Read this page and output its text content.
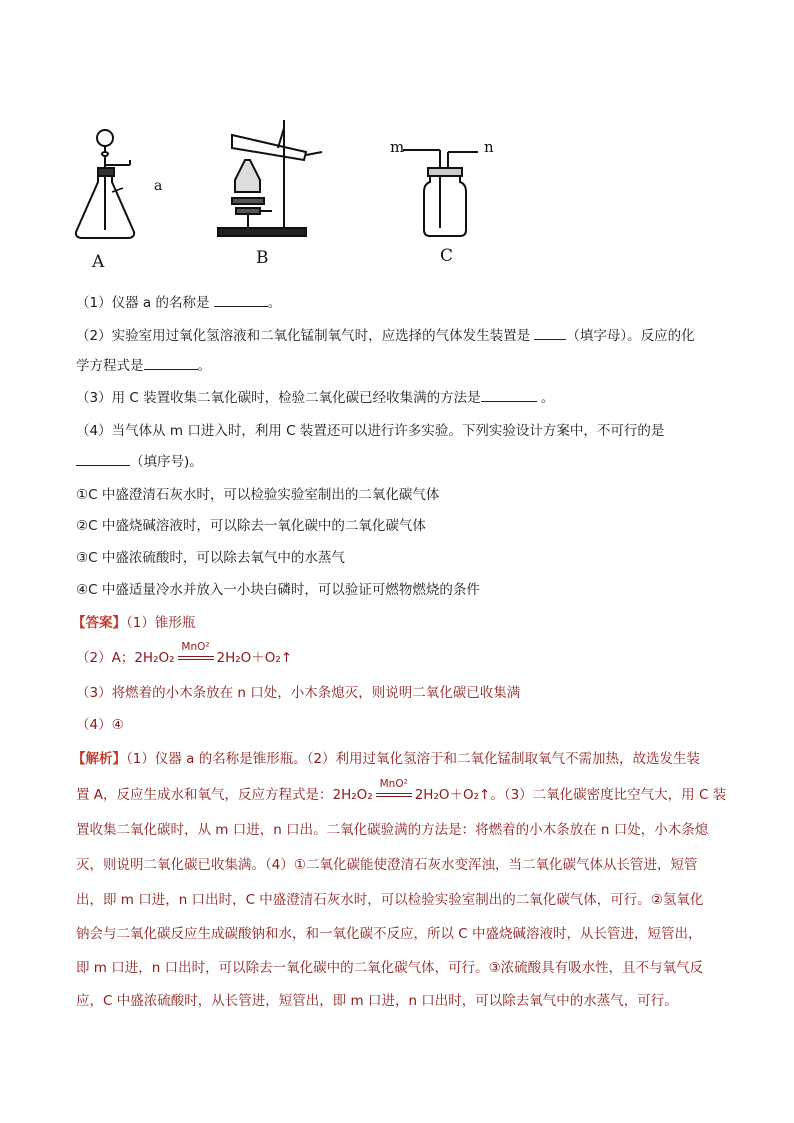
a
A	B	C
m	n
（1）仪器 a 的名称是	。
（2）实验室用过氧化氢溶液和二氧化锰制氧气时，应选择的气体发生装置是 （填字母）。反应的化
学方程式是	。
（3）用 C 装置收集二氧化碳时，检验二氧化碳已经收集满的方法是	。
（4）当气体从 m 口进入时，利用 C 装置还可以进行许多实验。下列实验设计方案中，不可行的是
（填序号)。
①C 中盛澄清石灰水时，可以检验实验室制出的二氧化碳气体
②C 中盛烧碱溶液时，可以除去一氧化碳中的二氧化碳气体
③C 中盛浓硫酸时，可以除去氧气中的水蒸气
④C 中盛适量冷水并放入一小块白磷时，可以验证可燃物燃烧的条件
【答案】（1）锥形瓶
（2）A；2H₂O₂
MnO²
2H₂O＋O₂↑
（3）将燃着的小木条放在 n 口处，小木条熄灭，则说明二氧化碳已收集满
（4）④
【解析】（1）仪器 a 的名称是锥形瓶。（2）利用过氧化氢溶于和二氧化锰制取氧气不需加热，故选发生装
置 A，反应生成水和氧气，反应方程式是：2H₂O₂
MnO²
2H₂O＋O₂↑。（3）二氧化碳密度比空气大，用 C 装
置收集二氧化碳时，从 m 口进，n 口出。二氧化碳验满的方法是：将燃着的小木条放在 n 口处，小木条熄
灭，则说明二氧化碳已收集满。（4）①二氧化碳能使澄清石灰水变浑浊，当二氧化碳气体从长管进，短管
出，即 m 口进，n 口出时，C 中盛澄清石灰水时，可以检验实验室制出的二氧化碳气体，可行。②氢氧化
钠会与二氧化碳反应生成碳酸钠和水，和一氧化碳不反应，所以 C 中盛烧碱溶液时，从长管进，短管出，
即 m 口进，n 口出时，可以除去一氧化碳中的二氧化碳气体，可行。③浓硫酸具有吸水性，且不与氧气反
应，C 中盛浓硫酸时，从长管进，短管出，即 m 口进，n 口出时，可以除去氧气中的水蒸气，可行。
